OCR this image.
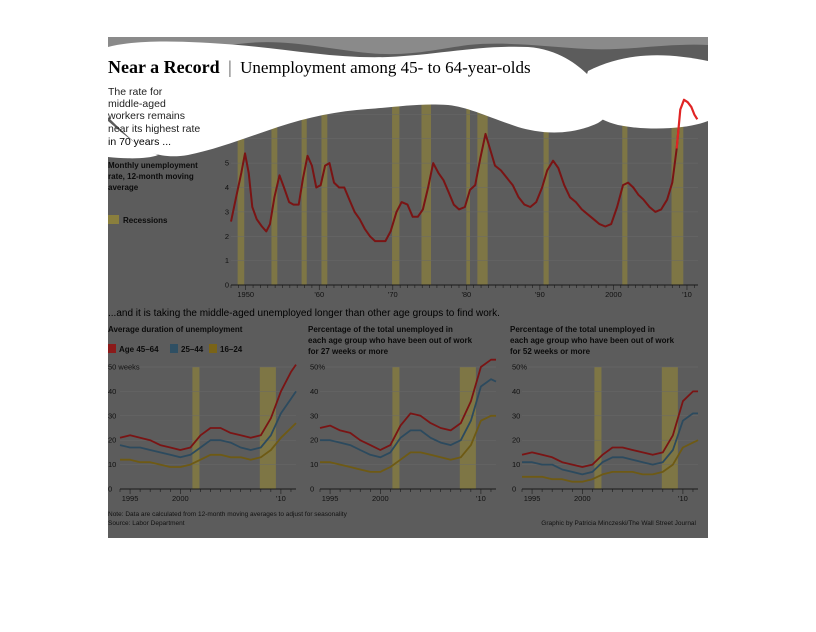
Recessions
Monthly unemployment
rate, 12-month moving
average
5
4
3
2
1
0
1950	'60	'70	'80	'90	2000	'10
...and it is taking the middle-aged unemployed longer than other age groups to find work.
Average duration of unemployment	Percentage of the total unemployed in
each age group who have been out of work
for 27 weeks or more
Percentage of the total unemployed in
each age group who have been out of work
for 52 weeks or more
Age 45–64	25–44 16–24
50 weeks
40
30
20
10
0
1995	2000	'10
50%
40
30
20
10
0
1995	2000	'10
50%
40
30
20
10
0
1995	2000	'10
Note: Data are calculated from 12-month moving averages to adjust for seasonality
Source: Labor Department	Graphic by Patricia Minczeski/The Wall Street Journal
Near a Record | Unemployment among 45- to 64-year-olds
The rate for
middle-aged
workers remains
near its highest rate
in 70 years ...
